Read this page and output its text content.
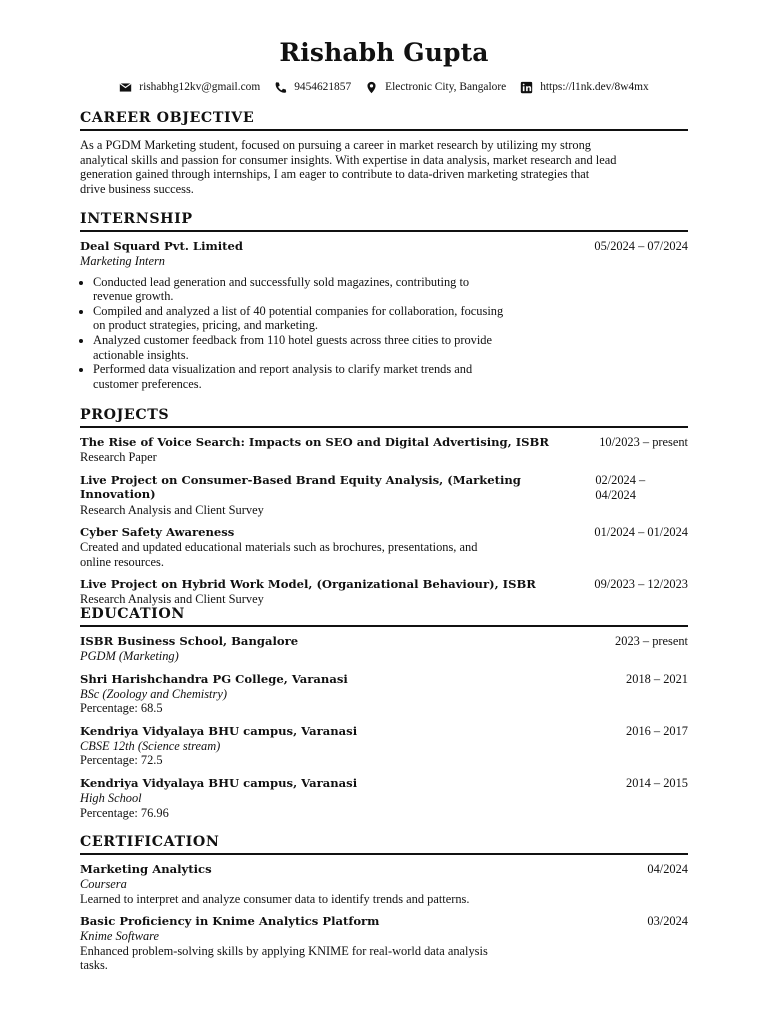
Rishabh Gupta
rishabhg12kv@gmail.com	9454621857	Electronic City, Bangalore	https://l1nk.dev/8w4mx
CAREER OBJECTIVE
As a PGDM Marketing student, focused on pursuing a career in market research by utilizing my strong
analytical skills and passion for consumer insights. With expertise in data analysis, market research and lead
generation gained through internships, I am eager to contribute to data-driven marketing strategies that
drive business success.
INTERNSHIP
Deal Squard Pvt. Limited	05/2024 – 07/2024
Marketing Intern
• Conducted lead generation and successfully sold magazines, contributing to
revenue growth.
• Compiled and analyzed a list of 40 potential companies for collaboration, focusing
on product strategies, pricing, and marketing.
• Analyzed customer feedback from 110 hotel guests across three cities to provide
actionable insights.
• Performed data visualization and report analysis to clarify market trends and
customer preferences.
PROJECTS
The Rise of Voice Search: Impacts on SEO and Digital Advertising, ISBR	10/2023 – present
Research Paper
Live Project on Consumer-Based Brand Equity Analysis, (Marketing Innovation)
02/2024 – 04/2024
Research Analysis and Client Survey
Cyber Safety Awareness	01/2024 – 01/2024
Created and updated educational materials such as brochures, presentations, and
online resources.
Live Project on Hybrid Work Model, (Organizational Behaviour), ISBR	09/2023 – 12/2023
Research Analysis and Client Survey
EDUCATION
ISBR Business School, Bangalore	2023 – present
PGDM (Marketing)
Shri Harishchandra PG College, Varanasi	2018 – 2021
BSc (Zoology and Chemistry)
Percentage: 68.5
Kendriya Vidyalaya BHU campus, Varanasi	2016 – 2017
CBSE 12th (Science stream)
Percentage: 72.5
Kendriya Vidyalaya BHU campus, Varanasi	2014 – 2015
High School
Percentage: 76.96
CERTIFICATION
Marketing Analytics	04/2024
Coursera
Learned to interpret and analyze consumer data to identify trends and patterns.
Basic Proficiency in Knime Analytics Platform	03/2024
Knime Software
Enhanced problem-solving skills by applying KNIME for real-world data analysis
tasks.
